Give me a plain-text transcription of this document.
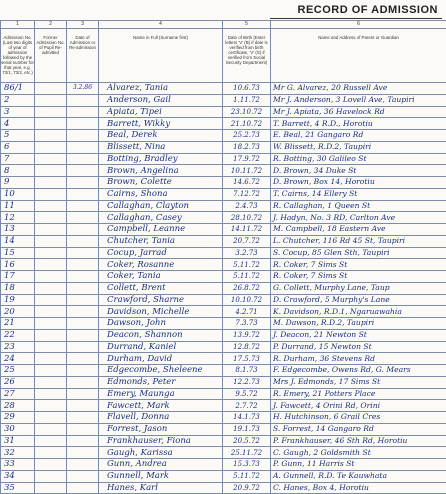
RECORD OF ADMISSION
1	2	3	4	5	6
Admission No. (Last two digits of year of admission followed by the serial number for that year, e.g. 73/1, 73/2, etc.)	Former Admission No. of Pupil Re-admitted	Date of Admission or Re-admission	Name in Full (Surname first)	Date of Birth (Enter letters 'V' (B) if date is verified from birth certificate, 'V' (S) if verified from Social Security Department)	Name and Address of Parent or Guardian
86/1		3.2.86	Alvarez, Tania	10.6.73	Mr G. Alvarez, 20 Russell Ave
2			Anderson, Gail	1.11.72	Mr J. Anderson, 3 Lovell Ave, Taupiri
3			Apiata, Tipei	23.10.72	Mr J. Apiata, 36 Havelock Rd
4			Barrett, Wikky	21.10.72	T. Barrett, 4 R.D., Horotiu
5			Beal, Derek	25.2.73	E. Beal, 21 Gangaro Rd
6			Blissett, Nina	18.2.73	W. Blissett, R.D.2, Taupiri
7			Botting, Bradley	17.9.72	R. Botting, 30 Galileo St
8			Brown, Angelina	10.11.72	D. Brown, 34 Duke St
9			Brown, Colette	14.6.72	D. Brown, Box 14, Horotiu
10			Cairns, Shona	7.12.72	T. Cairns, 14 Ellery St
11			Callaghan, Clayton	2.4.73	R. Callaghan, 1 Queen St
12			Callaghan, Casey	28.10.72	J. Hadyn, No. 3 RD, Carlton Ave
13			Campbell, Leanne	14.11.72	M. Campbell, 18 Eastern Ave
14			Chutcher, Tania	20.7.72	L. Chutcher, 116 Rd 45 St, Taupiri
15			Cocup, Jarrad	3.2.73	S. Cocup, 85 Glen Sth, Taupiri
16			Coker, Rosanne	5.11.72	R. Coker, 7 Sims St
17			Coker, Tania	5.11.72	R. Coker, 7 Sims St
18			Collett, Brent	26.8.72	G. Collett, Murphy Lane, Taup
19			Crawford, Sharne	10.10.72	D. Crawford, 5 Murphy's Lane
20			Davidson, Michelle	4.2.71	K. Davidson, R.D.1, Ngaruawahia
21			Dawson, John	7.3.73	M. Dawson, R.D.2, Taupiri
22			Deacon, Shannon	13.9.72	J. Deacon, 21 Newton St
23			Durrand, Kaniel	12.8.72	P. Durrand, 15 Newton St
24			Durham, David	17.5.73	R. Durham, 36 Stevens Rd
25			Edgecombe, Sheleene	8.1.73	F. Edgecombe, Owens Rd, G. Mears
26			Edmonds, Peter	12.2.73	Mrs J. Edmonds, 17 Sims St
27			Emery, Maunga	9.5.72	R. Emery, 21 Potters Place
28			Fawcett, Mark	2.7.72	J. Fawcett, 4 Orini Rd, Orini
29			Flavell, Donna	14.1.73	H. Hutchinson, 6 Grail Cres
30			Forrest, Jason	19.1.73	S. Forrest, 14 Gangaro Rd
31			Frankhauser, Fiona	20.5.72	P. Frankhauser, 46 Sth Rd, Horotiu
32			Gaugh, Karissa	25.11.72	C. Gaugh, 2 Goldsmith St
33			Gunn, Andrea	15.3.73	P. Gunn, 11 Harris St
34			Gunnell, Mark	5.11.72	A. Gunnell, R.D. Te Kauwhata
35			Hanes, Karl	20.9.72	C. Hanes, Box 4, Horotiu
